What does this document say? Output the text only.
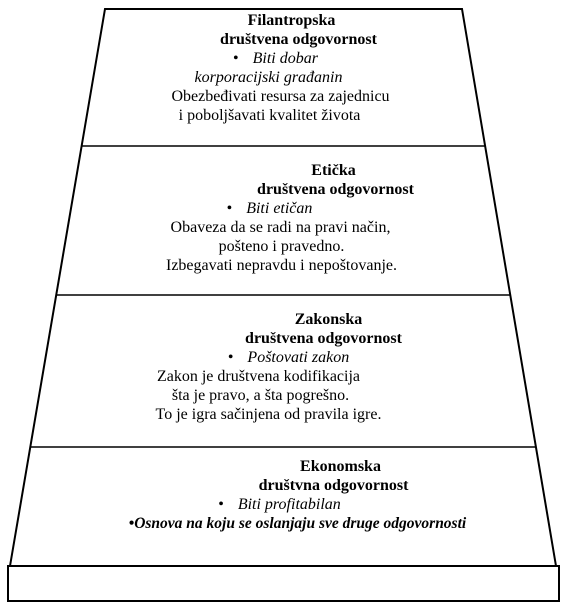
Filantropska
društvena odgovornost
• Biti dobar
korporacijski građanin
Obezbeđivati resursa za zajednicu
i poboljšavati kvalitet života
Etička
društvena odgovornost
• Biti etičan
Obaveza da se radi na pravi način,
pošteno i pravedno.
Izbegavati nepravdu i nepoštovanje.
Zakonska
društvena odgovornost
• Poštovati zakon
Zakon je društvena kodifikacija
šta je pravo, a šta pogrešno.
To je igra sačinjena od pravila igre.
Ekonomska
društvna odgovornost
• Biti profitabilan
•Osnova na koju se oslanjaju sve druge odgovornosti
